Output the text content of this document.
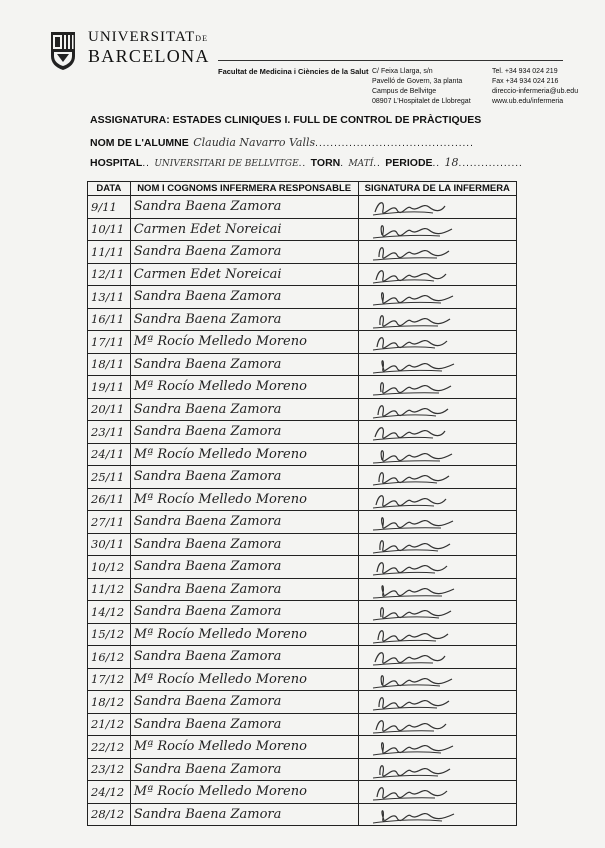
UNIVERSITATDE
BARCELONA
Facultat de Medicina i Ciències de la Salut C/ Feixa Llarga, s/n
Pavelló de Govern, 3a planta
Campus de Bellvitge
08907 L'Hospitalet de Llobregat
Tel. +34 934 024 219
Fax +34 934 024 216
direccio-infermeria@ub.edu
www.ub.edu/infermeria
ASSIGNATURA: ESTADES CLINIQUES I. FULL DE CONTROL DE PRÀCTIQUES
NOM DE L'ALUMNE Claudia Navarro Valls..........................................
HOSPITAL.. UNIVERSITARI DE BELLVITGE.. TORN. MATÍ.. PERIODE.. 18.................
DATA	NOM I COGNOMS INFERMERA RESPONSABLE	SIGNATURA DE LA INFERMERA
9/11	Sandra Baena Zamora	

10/11	Carmen Edet Noreicai	

11/11	Sandra Baena Zamora	

12/11	Carmen Edet Noreicai	

13/11	Sandra Baena Zamora	

16/11	Sandra Baena Zamora	

17/11	Mª Rocío Melledo Moreno	

18/11	Sandra Baena Zamora	

19/11	Mª Rocío Melledo Moreno	

20/11	Sandra Baena Zamora	

23/11	Sandra Baena Zamora	

24/11	Mª Rocío Melledo Moreno	

25/11	Sandra Baena Zamora	

26/11	Mª Rocío Melledo Moreno	

27/11	Sandra Baena Zamora	

30/11	Sandra Baena Zamora	

10/12	Sandra Baena Zamora	

11/12	Sandra Baena Zamora	

14/12	Sandra Baena Zamora	

15/12	Mª Rocío Melledo Moreno	

16/12	Sandra Baena Zamora	

17/12	Mª Rocío Melledo Moreno	

18/12	Sandra Baena Zamora	

21/12	Sandra Baena Zamora	

22/12	Mª Rocío Melledo Moreno	

23/12	Sandra Baena Zamora	

24/12	Mª Rocío Melledo Moreno	

28/12	Sandra Baena Zamora	
